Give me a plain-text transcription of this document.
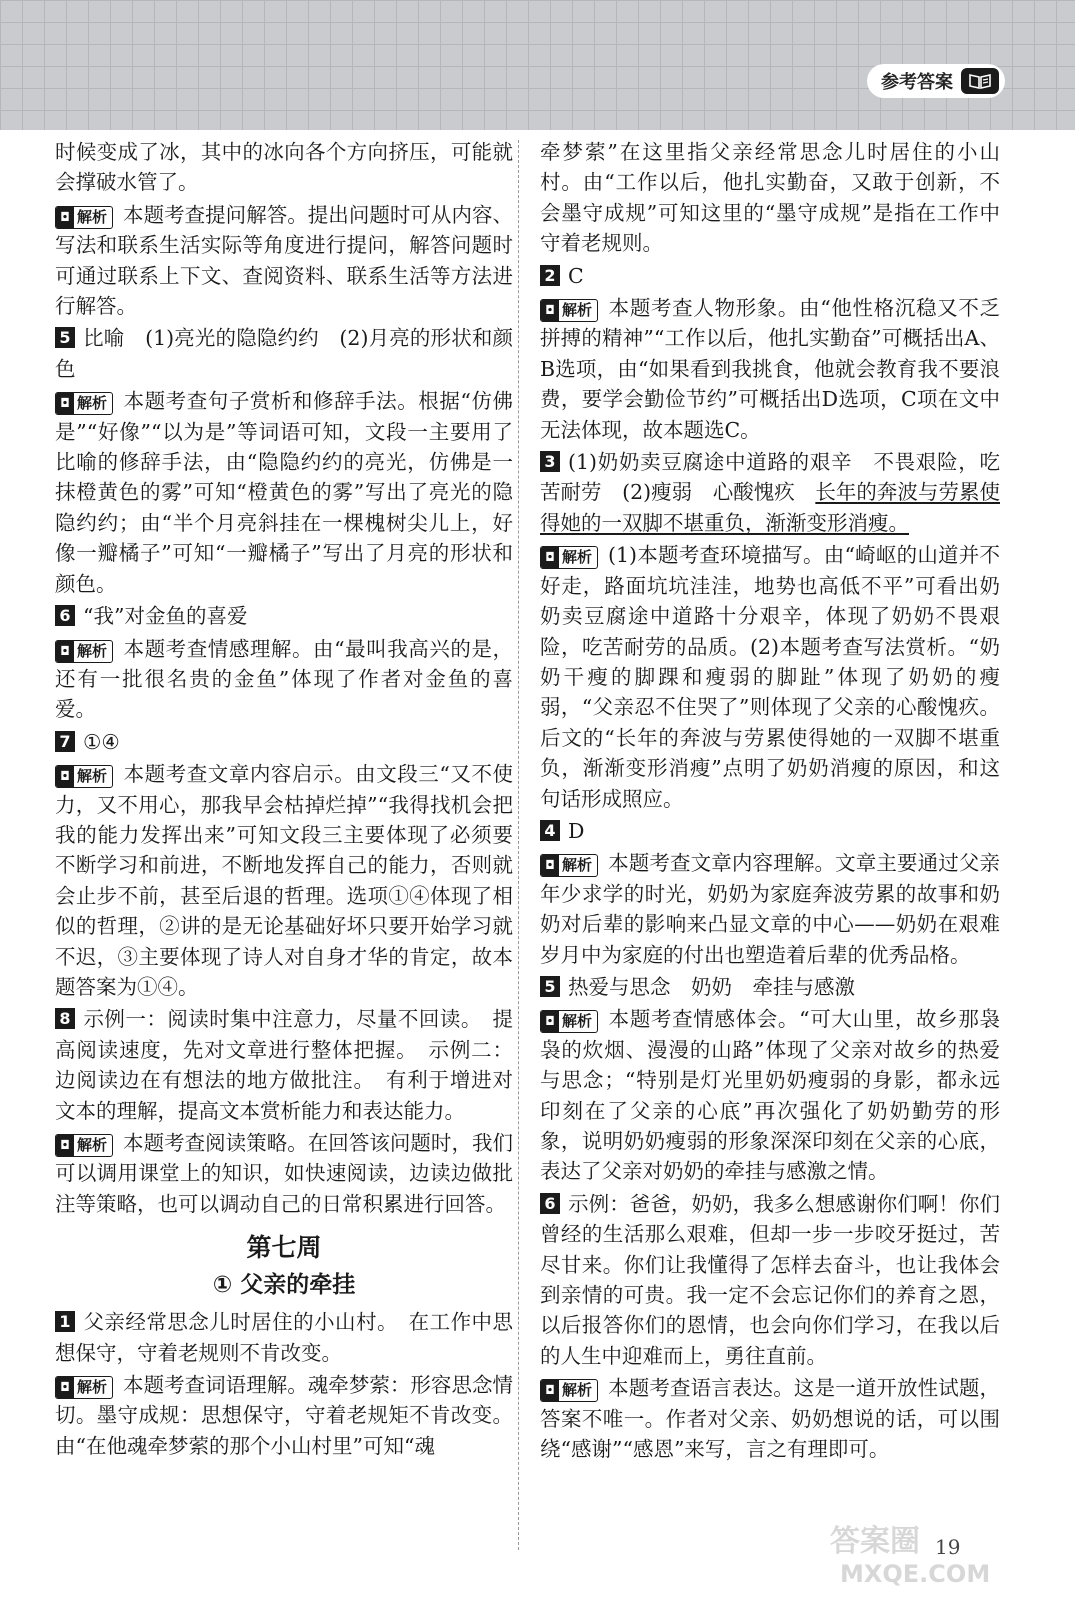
参考答案

时候变成了冰，其中的冰向各个方向挤压，可能就会撑破水管了。

◘ 解析 本题考查提问解答。提出问题时可从内容、写法和联系生活实际等角度进行提问，解答问题时可通过联系上下文、查阅资料、联系生活等方法进行解答。

5 比喻　(1)亮光的隐隐约约　(2)月亮的形状和颜色

◘ 解析 本题考查句子赏析和修辞手法。根据“仿佛是”“好像”“以为是”等词语可知，文段一主要用了比喻的修辞手法，由“隐隐约约的亮光，仿佛是一抹橙黄色的雾”可知“橙黄色的雾”写出了亮光的隐隐约约；由“半个月亮斜挂在一棵槐树尖儿上，好像一瓣橘子”可知“一瓣橘子”写出了月亮的形状和颜色。

6 “我”对金鱼的喜爱

◘ 解析 本题考查情感理解。由“最叫我高兴的是，还有一批很名贵的金鱼”体现了作者对金鱼的喜爱。

7 ①④

◘ 解析 本题考查文章内容启示。由文段三“又不使力，又不用心，那我早会枯掉烂掉”“我得找机会把我的能力发挥出来”可知文段三主要体现了必须要不断学习和前进，不断地发挥自己的能力，否则就会止步不前，甚至后退的哲理。选项①④体现了相似的哲理，②讲的是无论基础好坏只要开始学习就不迟，③主要体现了诗人对自身才华的肯定，故本题答案为①④。

8 示例一：阅读时集中注意力，尽量不回读。　提高阅读速度，先对文章进行整体把握。　示例二：边阅读边在有想法的地方做批注。　有利于增进对文本的理解，提高文本赏析能力和表达能力。

◘ 解析 本题考查阅读策略。在回答该问题时，我们可以调用课堂上的知识，如快速阅读，边读边做批注等策略，也可以调动自己的日常积累进行回答。

第七周
① 父亲的牵挂

1 父亲经常思念儿时居住的小山村。　在工作中思想保守，守着老规则不肯改变。

◘ 解析 本题考查词语理解。魂牵梦萦：形容思念情切。墨守成规：思想保守，守着老规矩不肯改变。由“在他魂牵梦萦的那个小山村里”可知“魂

牵梦萦”在这里指父亲经常思念儿时居住的小山村。由“工作以后，他扎实勤奋，又敢于创新，不会墨守成规”可知这里的“墨守成规”是指在工作中守着老规则。

2 C

◘ 解析 本题考查人物形象。由“他性格沉稳又不乏拼搏的精神”“工作以后，他扎实勤奋”可概括出A、B选项，由“如果看到我挑食，他就会教育我不要浪费，要学会勤俭节约”可概括出D选项，C项在文中无法体现，故本题选C。

3 (1)奶奶卖豆腐途中道路的艰辛　不畏艰险，吃苦耐劳　(2)瘦弱　心酸愧疚　长年的奔波与劳累使得她的一双脚不堪重负，渐渐变形消瘦。

◘ 解析 (1)本题考查环境描写。由“崎岖的山道并不好走，路面坑坑洼洼，地势也高低不平”可看出奶奶卖豆腐途中道路十分艰辛，体现了奶奶不畏艰险，吃苦耐劳的品质。(2)本题考查写法赏析。“奶奶干瘦的脚踝和瘦弱的脚趾”体现了奶奶的瘦弱，“父亲忍不住哭了”则体现了父亲的心酸愧疚。后文的“长年的奔波与劳累使得她的一双脚不堪重负，渐渐变形消瘦”点明了奶奶消瘦的原因，和这句话形成照应。

4 D

◘ 解析 本题考查文章内容理解。文章主要通过父亲年少求学的时光，奶奶为家庭奔波劳累的故事和奶奶对后辈的影响来凸显文章的中心——奶奶在艰难岁月中为家庭的付出也塑造着后辈的优秀品格。

5 热爱与思念　奶奶　牵挂与感激

◘ 解析 本题考查情感体会。“可大山里，故乡那袅袅的炊烟、漫漫的山路”体现了父亲对故乡的热爱与思念；“特别是灯光里奶奶瘦弱的身影，都永远印刻在了父亲的心底”再次强化了奶奶勤劳的形象，说明奶奶瘦弱的形象深深印刻在父亲的心底，表达了父亲对奶奶的牵挂与感激之情。

6 示例：爸爸，奶奶，我多么想感谢你们啊！你们曾经的生活那么艰难，但却一步一步咬牙挺过，苦尽甘来。你们让我懂得了怎样去奋斗，也让我体会到亲情的可贵。我一定不会忘记你们的养育之恩，以后报答你们的恩情，也会向你们学习，在我以后的人生中迎难而上，勇往直前。

◘ 解析 本题考查语言表达。这是一道开放性试题，答案不唯一。作者对父亲、奶奶想说的话，可以围绕“感谢”“感恩”来写，言之有理即可。

答案圈
MXQE.COM
19
